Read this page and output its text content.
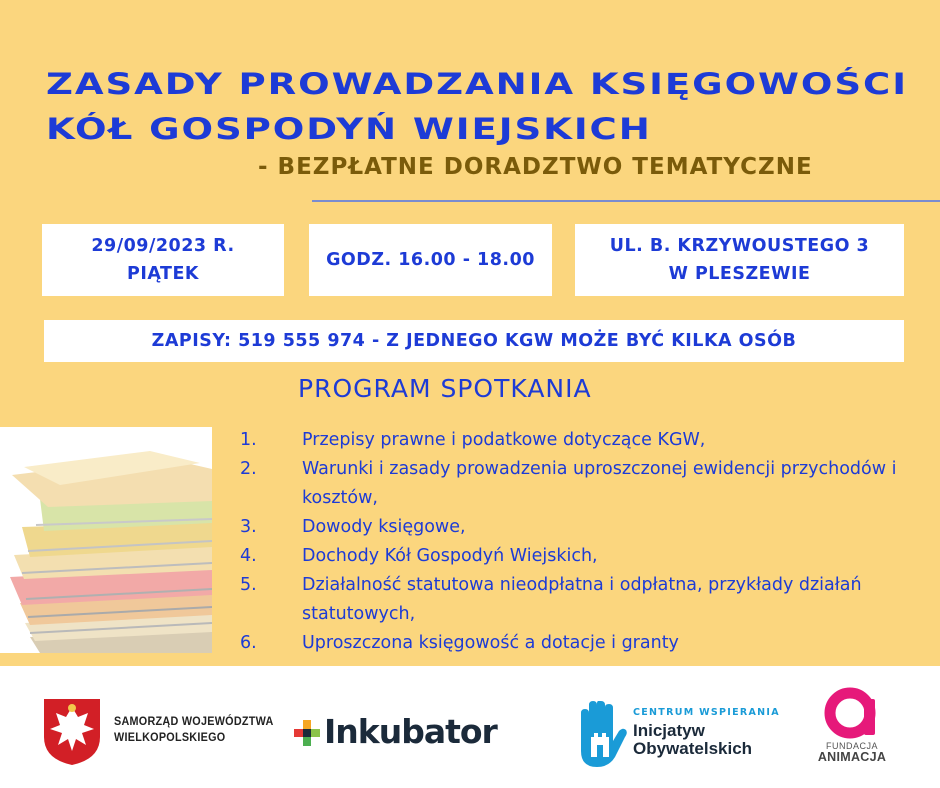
ZASADY PROWADZANIA KSIĘGOWOŚCI
KÓŁ GOSPODYŃ WIEJSKICH
- BEZPŁATNE DORADZTWO TEMATYCZNE
29/09/2023 R.
PIĄTEK
GODZ. 16.00 - 18.00
UL. B. KRZYWOUSTEGO 3
W PLESZEWIE
ZAPISY: 519 555 974 - Z JEDNEGO KGW MOŻE BYĆ KILKA OSÓB
PROGRAM SPOTKANIA
1.	Przepisy prawne i podatkowe dotyczące KGW,
2.	Warunki i zasady prowadzenia uproszczonej ewidencji przychodów i kosztów,
3.	Dowody księgowe,
4.	Dochody Kół Gospodyń Wiejskich,
5.	Działalność statutowa nieodpłatna i odpłatna, przykłady działań statutowych,
6.	Uproszczona księgowość a dotacje i granty
SAMORZĄD WOJEWÓDZTWA
WIELKOPOLSKIEGO	Inkubator	CENTRUM WSPIERANIA
Inicjatyw
Obywatelskich	FUNDACJA
ANIMACJA
